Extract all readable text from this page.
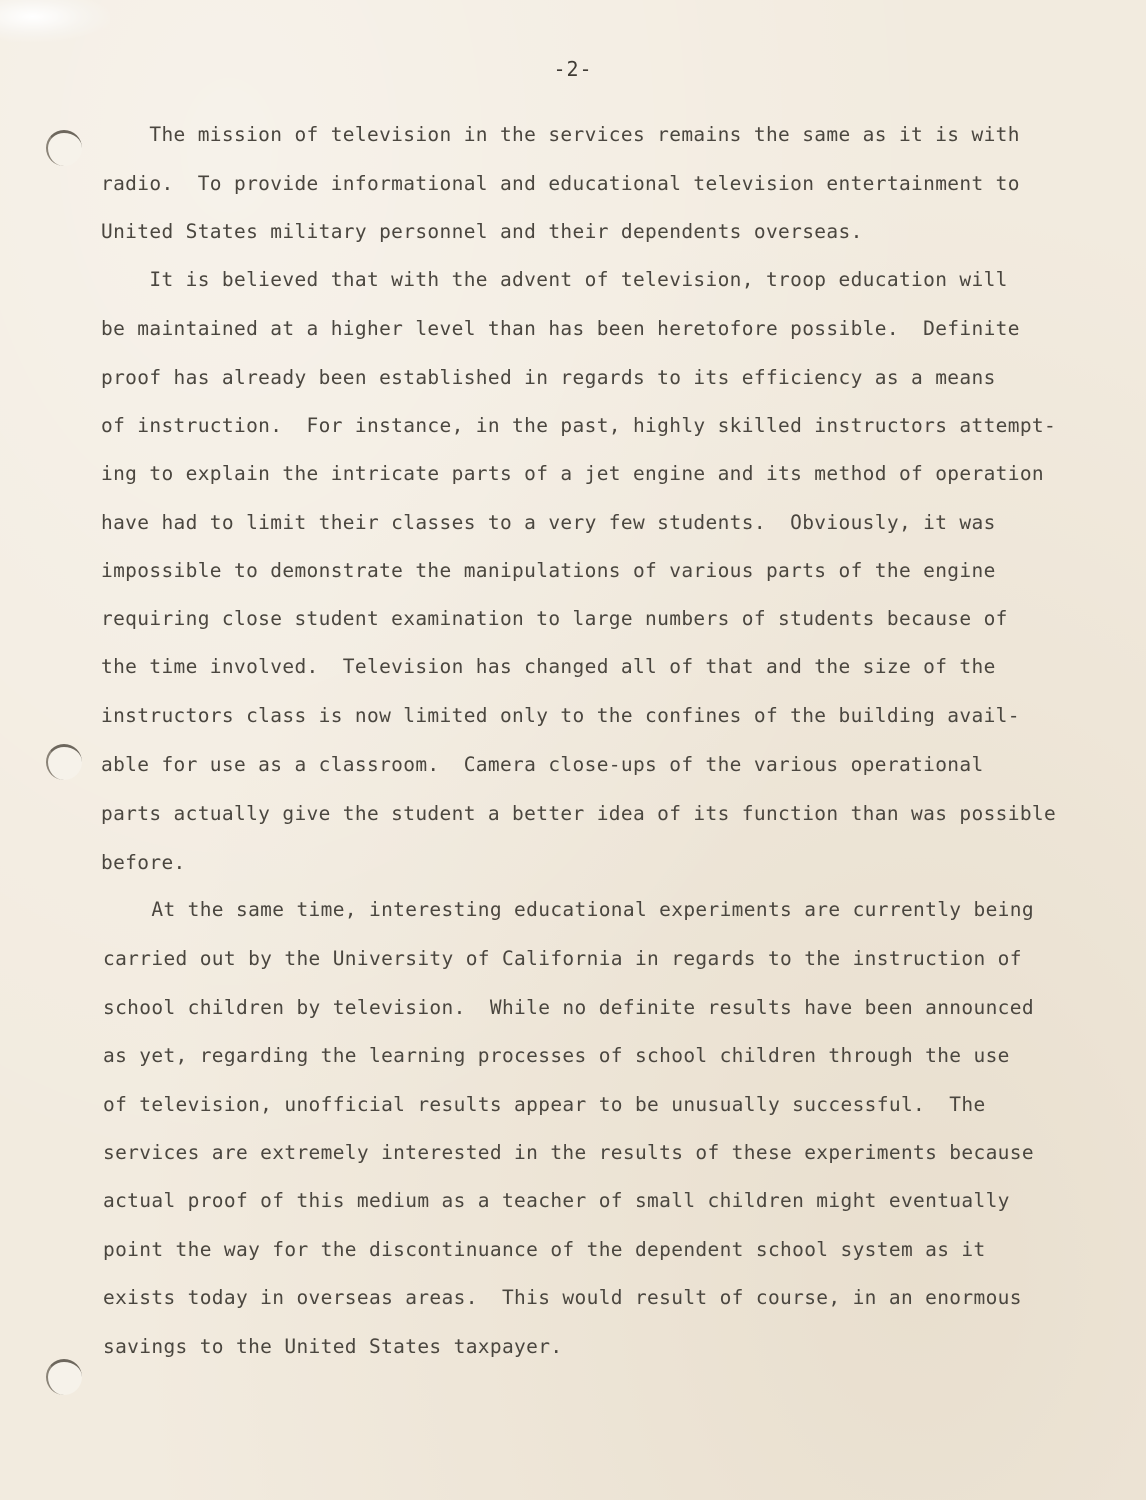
-2-
The mission of television in the services remains the same as it is with
radio.  To provide informational and educational television entertainment to
United States military personnel and their dependents overseas.
It is believed that with the advent of television, troop education will
be maintained at a higher level than has been heretofore possible.  Definite
proof has already been established in regards to its efficiency as a means
of instruction.  For instance, in the past, highly skilled instructors attempt-
ing to explain the intricate parts of a jet engine and its method of operation
have had to limit their classes to a very few students.  Obviously, it was
impossible to demonstrate the manipulations of various parts of the engine
requiring close student examination to large numbers of students because of
the time involved.  Television has changed all of that and the size of the
instructors class is now limited only to the confines of the building avail-
able for use as a classroom.  Camera close-ups of the various operational
parts actually give the student a better idea of its function than was possible
before.
At the same time, interesting educational experiments are currently being
carried out by the University of California in regards to the instruction of
school children by television.  While no definite results have been announced
as yet, regarding the learning processes of school children through the use
of television, unofficial results appear to be unusually successful.  The
services are extremely interested in the results of these experiments because
actual proof of this medium as a teacher of small children might eventually
point the way for the discontinuance of the dependent school system as it
exists today in overseas areas.  This would result of course, in an enormous
savings to the United States taxpayer.
